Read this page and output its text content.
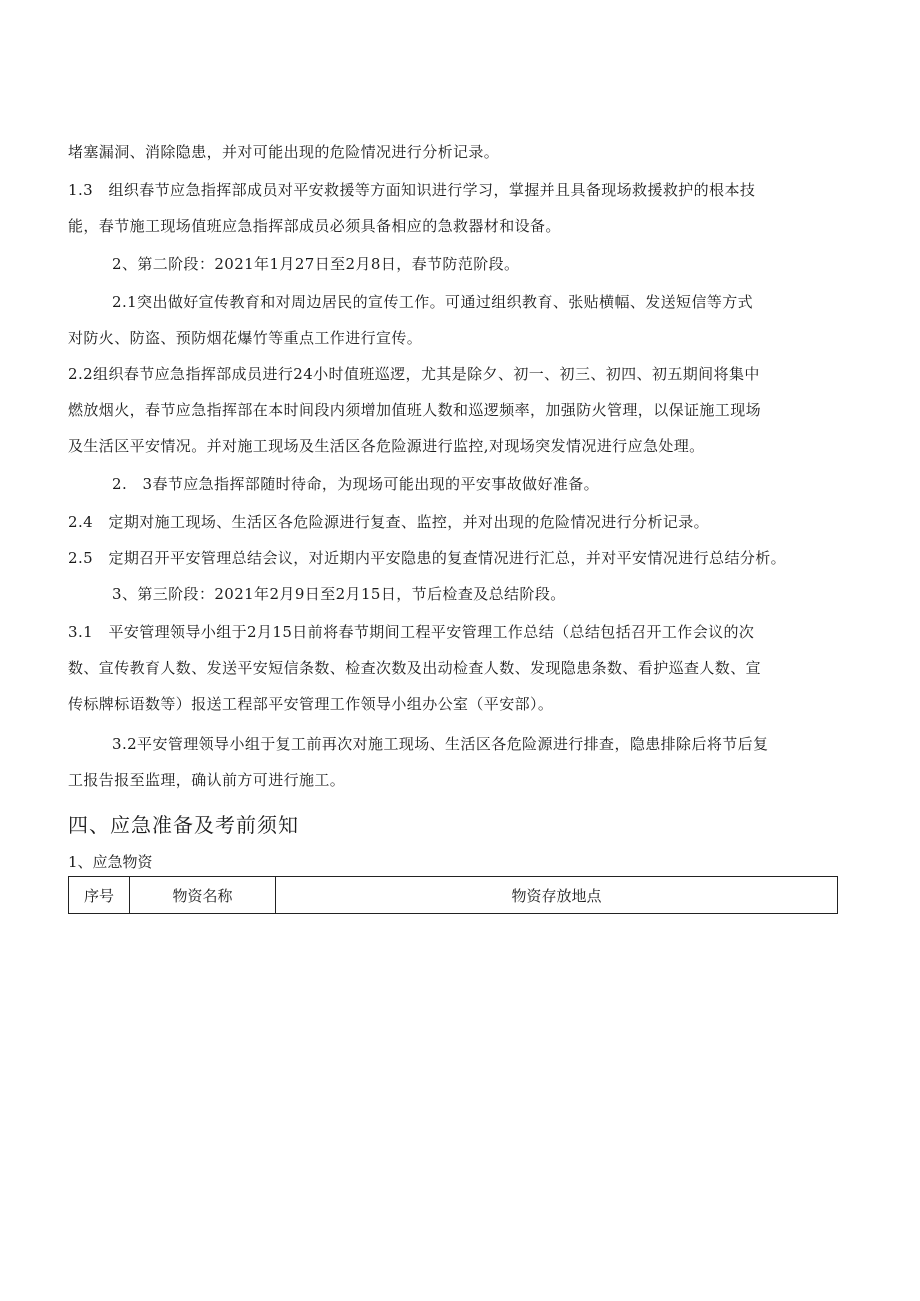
堵塞漏洞、消除隐患，并对可能出现的危险情况进行分析记录。
1.3　组织春节应急指挥部成员对平安救援等方面知识进行学习，掌握并且具备现场救援救护的根本技
能，春节施工现场值班应急指挥部成员必须具备相应的急救器材和设备。
2、第二阶段：2021年1月27日至2月8日，春节防范阶段。
2.1突出做好宣传教育和对周边居民的宣传工作。可通过组织教育、张贴横幅、发送短信等方式
对防火、防盗、预防烟花爆竹等重点工作进行宣传。
2.2组织春节应急指挥部成员进行24小时值班巡逻，尤其是除夕、初一、初三、初四、初五期间将集中
燃放烟火，春节应急指挥部在本时间段内须增加值班人数和巡逻频率，加强防火管理，以保证施工现场
及生活区平安情况。并对施工现场及生活区各危险源进行监控,对现场突发情况进行应急处理。
2.　3春节应急指挥部随时待命，为现场可能出现的平安事故做好准备。
2.4　定期对施工现场、生活区各危险源进行复查、监控，并对出现的危险情况进行分析记录。
2.5　定期召开平安管理总结会议，对近期内平安隐患的复查情况进行汇总，并对平安情况进行总结分析。
3、第三阶段：2021年2月9日至2月15日，节后检查及总结阶段。
3.1　平安管理领导小组于2月15日前将春节期间工程平安管理工作总结（总结包括召开工作会议的次
数、宣传教育人数、发送平安短信条数、检查次数及出动检查人数、发现隐患条数、看护巡查人数、宣
传标牌标语数等）报送工程部平安管理工作领导小组办公室（平安部）。
3.2平安管理领导小组于复工前再次对施工现场、生活区各危险源进行排查，隐患排除后将节后复
工报告报至监理，确认前方可进行施工。
四、应急准备及考前须知
1、应急物资
序号	物资名称	物资存放地点
